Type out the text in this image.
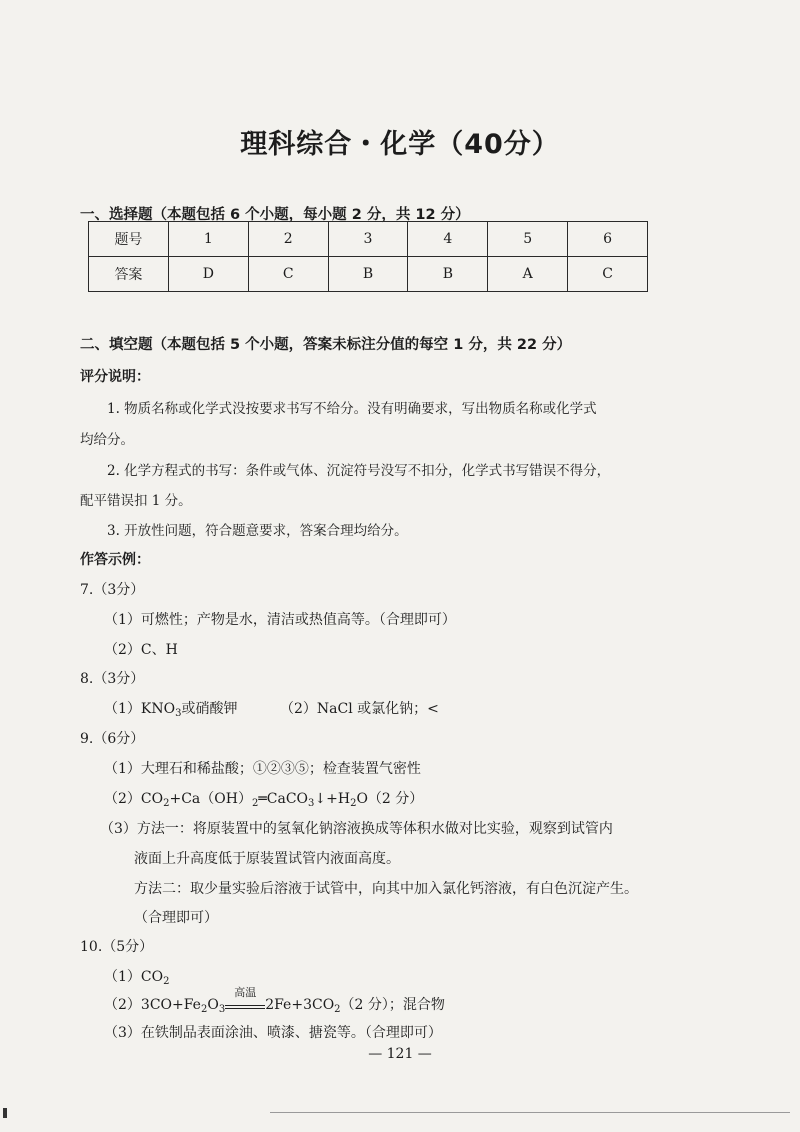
理科综合・化学（40分）
一、选择题（本题包括 6 个小题，每小题 2 分，共 12 分）
题号	1	2	3	4	5	6
答案	D	C	B	B	A	C
二、填空题（本题包括 5 个小题，答案未标注分值的每空 1 分，共 22 分）
评分说明：
1. 物质名称或化学式没按要求书写不给分。没有明确要求，写出物质名称或化学式
均给分。
2. 化学方程式的书写：条件或气体、沉淀符号没写不扣分，化学式书写错误不得分，
配平错误扣 1 分。
3. 开放性问题，符合题意要求，答案合理均给分。
作答示例：
7.（3分）
（1）可燃性；产物是水，清洁或热值高等。（合理即可）
（2）C、H
8.（3分）
$(1)KNO_3$或硝酸钾	（2）NaCl 或氯化钠；<
9.（6分）
（1）大理石和稀盐酸；①②③⑤；检查装置气密性
$(2)CO_2+Ca(OH)_2═CaCO_3↓+H_2O(2$ 分）
（3）方法一：将原装置中的氢氧化钠溶液换成等体积水做对比实验，观察到试管内
液面上升高度低于原装置试管内液面高度。
方法二：取少量实验后溶液于试管中，向其中加入氯化钙溶液，有白色沉淀产生。
（合理即可）
10.（5分）
$(1)CO_2$
$(2)3CO+Fe_2O_3$
高温
$2Fe+3CO_2(2$ 分）；混合物
（3）在铁制品表面涂油、喷漆、搪瓷等。（合理即可）
— 121 —
